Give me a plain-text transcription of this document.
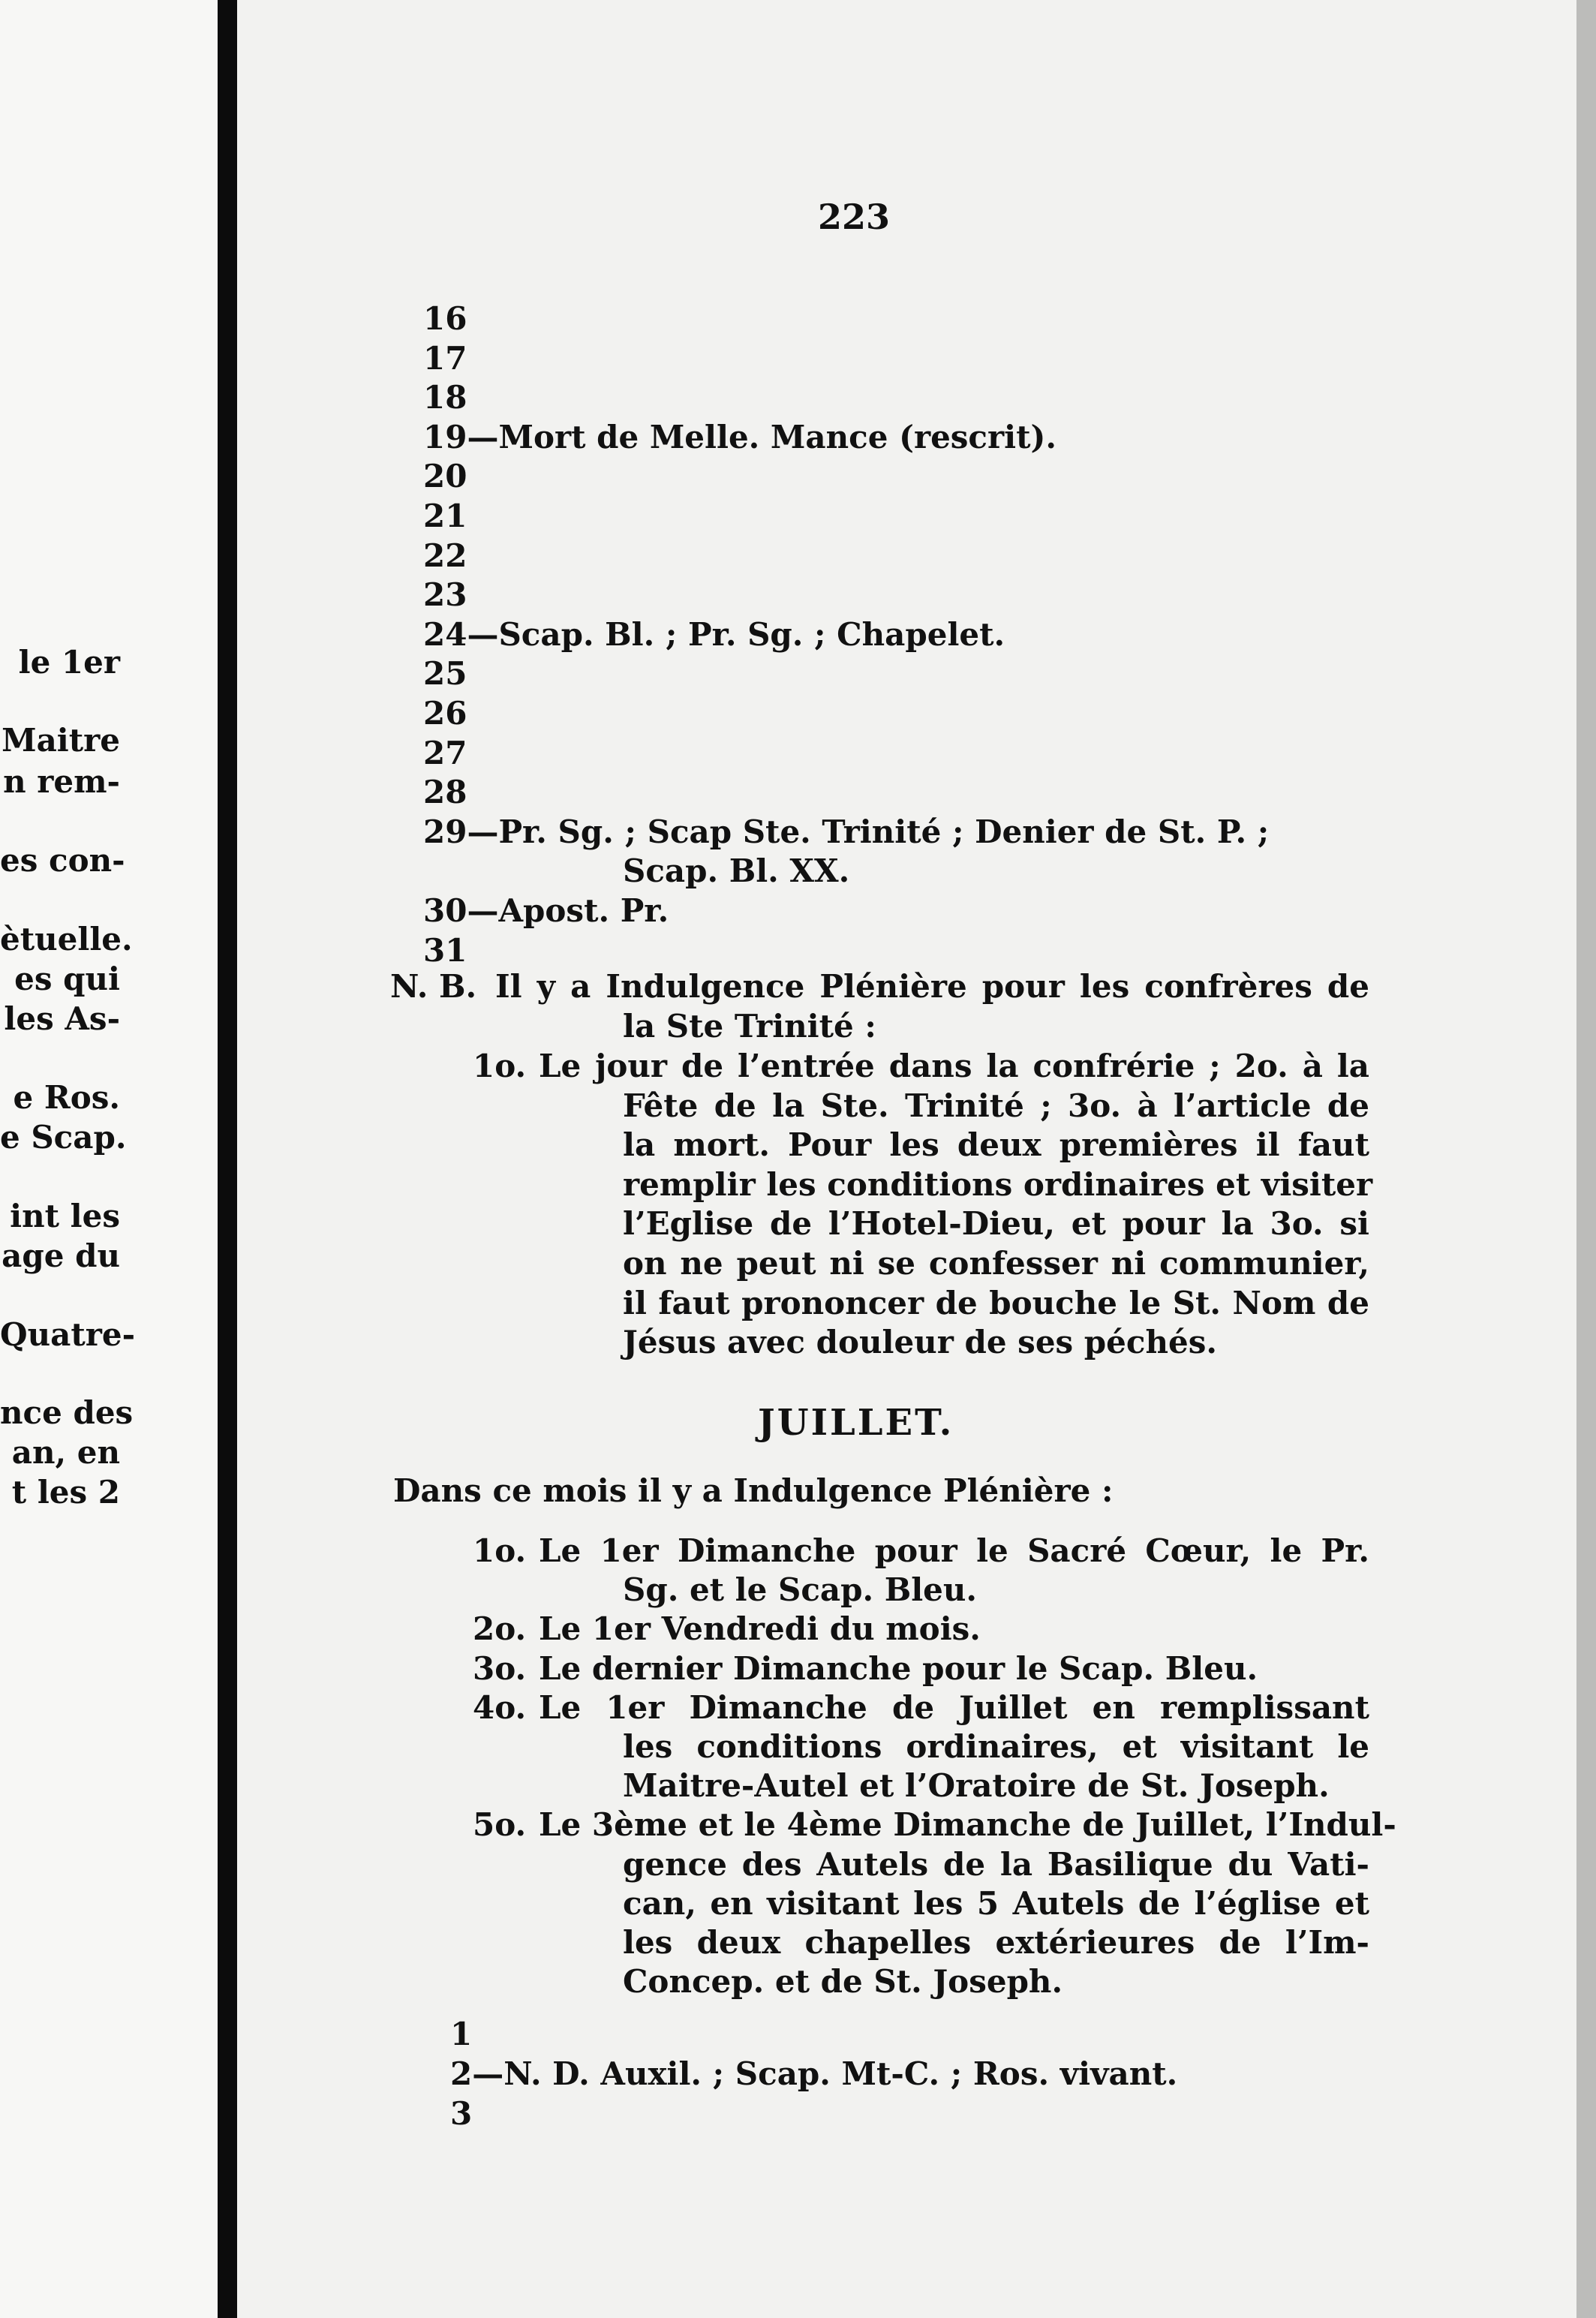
le 1er
Maitre
n rem-
es con-
ètuelle.
es qui
les As-
e Ros.
e Scap.
int les
age du
Quatre-
nce des
an, en
t les 2
223
16
17
18
19—Mort de Melle. Mance (rescrit).
20
21
22
23
24—Scap. Bl. ; Pr. Sg. ; Chapelet.
25
26
27
28
29—Pr. Sg. ; Scap Ste. Trinité ; Denier de St. P. ;
Scap. Bl. XX.
30—Apost. Pr.
31
N. B. Il y a Indulgence Plénière pour les confrères de
la Ste Trinité :
1o. Le jour de l’entrée dans la confrérie ; 2o. à la
Fête de la Ste. Trinité ; 3o. à l’article de
la mort. Pour les deux premières il faut
remplir les conditions ordinaires et visiter
l’Eglise de l’Hotel-Dieu, et pour la 3o. si
on ne peut ni se confesser ni communier,
il faut prononcer de bouche le St. Nom de
Jésus avec douleur de ses péchés.
JUILLET.
Dans ce mois il y a Indulgence Plénière :
1o. Le 1er Dimanche pour le Sacré Cœur, le Pr.
Sg. et le Scap. Bleu.
2o. Le 1er Vendredi du mois.
3o. Le dernier Dimanche pour le Scap. Bleu.
4o. Le 1er Dimanche de Juillet en remplissant
les conditions ordinaires, et visitant le
Maitre-Autel et l’Oratoire de St. Joseph.
5o. Le 3ème et le 4ème Dimanche de Juillet, l’Indul-
gence des Autels de la Basilique du Vati-
can, en visitant les 5 Autels de l’église et
les deux chapelles extérieures de l’Im-
Concep. et de St. Joseph.
1
2—N. D. Auxil. ; Scap. Mt-C. ; Ros. vivant.
3
